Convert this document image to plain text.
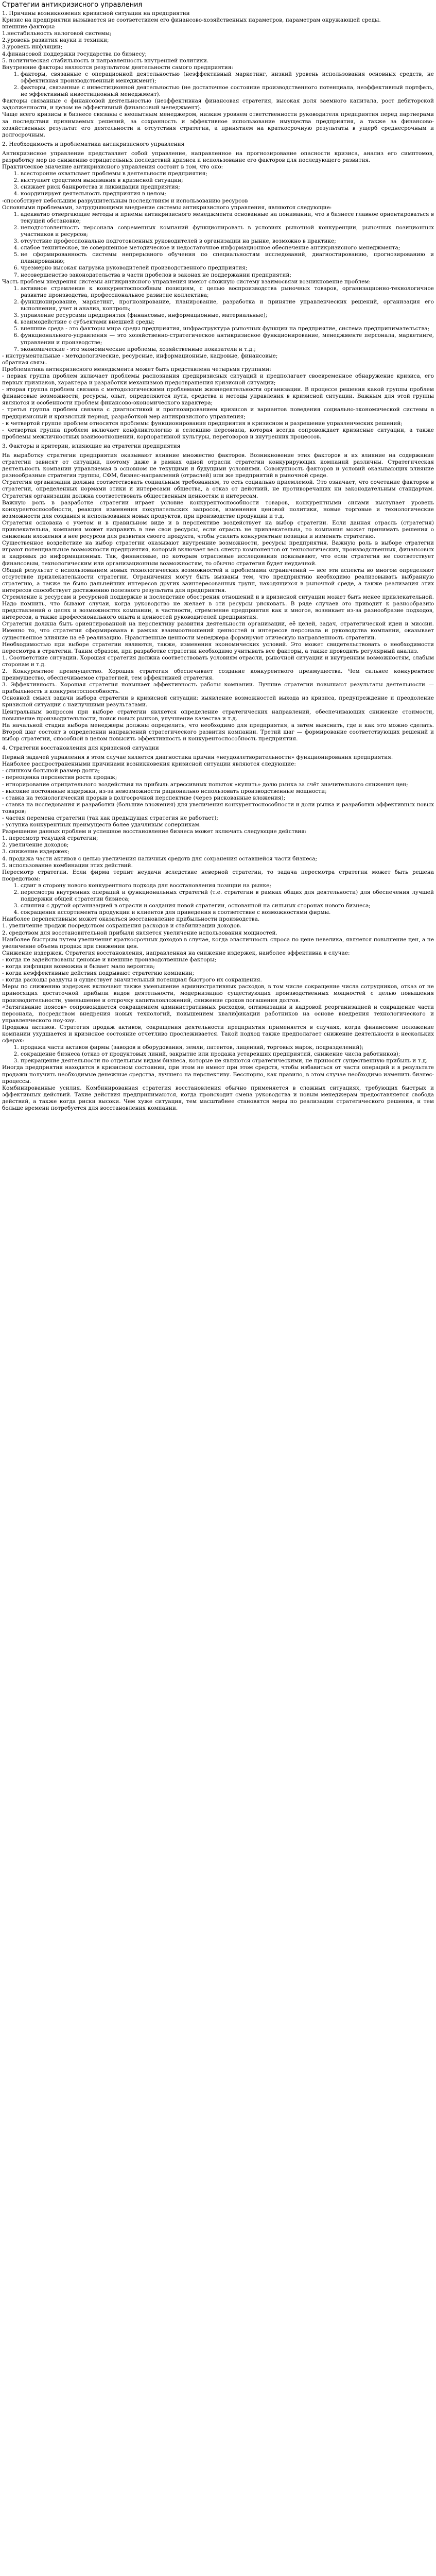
Стратегии антикризисного управления

1. Причины возникновения кризисной ситуации на предприятии

Кризис на предприятии вызывается не соответствием его финансово-хозяйственных параметров, параметрам окружающей среды.

внешние факторы:

1.нестабильность налоговой системы;

2.уровень развития науки и техники;

3.уровень инфляции;

4.финансовой поддержки государства по бизнесу;

5. политическая стабильность и направленность внутренней политики.

Внутренние факторы являются результатом деятельности самого предприятия:

1. факторы, связанные с операционной деятельностью (неэффективный маркетинг, низкий уровень использования основных средств, не эффективная производственный менеджмент);
2. факторы, связанные с инвестиционной деятельностью (не достаточное состояние производственного потенциала, неэффективный портфель, не эффективный инвестиционный менеджмент).

Факторы связанные с финансовой деятельностью (неэффективная финансовая стратегия, высокая доля заемного капитала, рост дебиторской задолженности, и целом не эффективный финансовый менеджмент).

Чаще всего кризисы в бизнесе связаны с неопытным менеджером, низким уровнем ответственности руководителя предприятия перед партнерами за последствия принимаемых решений, за сохранность и эффективное использование имущества предприятия, а также за финансово-хозяйственных результат его деятельности и отсутствия стратегии, а принятием на краткосрочную результаты в ущерб среднесрочным и долгосрочным.

2. Необходимость и проблематика антикризисного управления

Антикризисное управление представляет собой управление, направленное на прогнозирование опасности кризиса, анализ его симптомов, разработку мер по снижению отрицательных последствий кризиса и использование его факторов для последующего развития.

Практическое значение антикризисного управления состоит в том, что оно:

1. всесторонне охватывает проблемы в деятельности предприятия;
2. выступает средством выживания в кризисной ситуации;
3. снижает риск банкротства и ликвидации предприятия;
4. координирует деятельность предприятия в целом;

-способствует небольшим разрушительным последствиям и использованию ресурсов

Основными проблемами, затрудняющими внедрение системы антикризисного управления, являются следующие:

1. адекватно отвергающие методы и приемы антикризисного менеджмента основанные на понимании, что в бизнесе главное ориентироваться в текущей обстановке;
2. неподготовленность персонала современных компаний функционировать в условиях рыночной конкуренции, рыночных позиционных участников и ресурсов;
3. отсутствие профессионально подготовленных руководителей в организации на рынке, возможно в практике;
4. слабое техническое, не совершенное методическое и недостаточное информационное обеспечение антикризисного менеджмента;
5. не сформированность системы непрерывного обучения по специальностям исследований, диагностированию, прогнозированию и планированию;
6. чрезмерно высокая нагрузка руководителей производственного предприятия;
7. несовершенство законодательства в части пробелов в законах не поддержании предприятий;

Часть проблем внедрения системы антикризисного управления имеют сложную систему взаимосвязи возникновение проблем:

1. активное стремление к конкурентоспособным позициям, с целью воспроизводства рыночных товаров, организационно-технологичное развитие производства, профессиональное развитие коллектива;
2. функционирование, маркетинг, прогнозирование, планирование, разработка и принятие управленческих решений, организация его выполнения, учет и анализ, контроль;
3. управление ресурсами предприятия (финансовые, информационные, материальные);
4. взаимодействие с субъектами внешней среды;
5. внешние среда - это факторы мира среды предприятия, инфраструктура рыночных функции на предприятие, система предпринимательства;
6. функционального-управления — это хозяйственно-стратегическое антикризисное функционирование, менеджменте персонала, маркетинге, управлении и производстве;
7. экономические - это экономические проблемы, хозяйственные показатели и т.д.;

- инструментальные - методологические, ресурсные, информационные, кадровые, финансовые;

обратная связь.

Проблематика антикризисного менеджмента может быть представлена четырьмя группами:

- первая группа проблем включает проблемы распознания предкризисных ситуаций и предполагает своевременное обнаружение кризиса, его первых признаков, характера и разработки механизмов предотвращения кризисной ситуации;

- вторая группа проблем связана с методологическими проблемами жизнедеятельности организации. В процессе решения какой группы проблем финансовые возможности, ресурсы, опыт, определяются пути, средства и методы управления в кризисной ситуации. Важным для этой группы являются и особенности проблем финансово-экономического характера;

- третья группа проблем связана с диагностикой и прогнозированием кризисов и вариантов поведения социально-экономической системы в предкризисный и кризисный период, разработкой мер антикризисного управления;

- к четвертой группе проблем относятся проблемы функционирования предприятия в кризисном и разрешение управленческих решений;

- четвертая группа проблем включает конфликтологию и селекцию персонала, которая всегда сопровождает кризисные ситуации, а также проблемы межличностных взаимоотношений, корпоративной культуры, переговоров и внутренних процессов.

3. Факторы и критерии, влияющие на стратегии предприятия

На выработку стратегии предприятия оказывают влияние множество факторов. Возникновение этих факторов и их влияние на содержание стратегии зависят от ситуации, поэтому даже в рамках одной отрасли стратегии конкурирующих компаний различны. Стратегическая деятельность компании управляемая в основном не текущими и будущими условиями. Совокупность факторов и условий оказывающих влияние разнообразные стратегии группы, СФМ, бизнес-направлений (отраслей) или же предприятий в рыночной среде.

Стратегия организации должна соответствовать социальным требованиям, то есть социально приемлемой. Это означает, что сочетание факторов в стратегии, определенных нормами этики и интересами общества, а отказ от действий, не противоречащих ни законодательным стандартам. Стратегия организации должна соответствовать общественным ценностям и интересам.

Важную роль в разработке стратегии играет условие конкурентоспособности товаров, конкурентными силами выступает уровень конкурентоспособности, реакция изменения покупательских запросов, изменения ценовой политики, новые торговые и технологические возможности для создания и использования новых продуктов, при производстве продукции и т.д.

Стратегия основана с учетом и в правильном виде и в перспективе воздействует на выбор стратегии. Если данная отрасль (стратегия) привлекательна, компания может направить в нее свои ресурсы, если отрасль не привлекательна, то компания может принимать решения о снижении вложения в нее ресурсов для развития своего продукта, чтобы усилить конкурентные позиции и изменить стратегию.

Существенное воздействие на выбор стратегии оказывают внутренние возможности, ресурсы предприятия. Важную роль в выборе стратегии играют потенциальные возможности предприятия, который включает весь спектр компонентов от технологических, производственных, финансовых и кадровых до информационных. Так, финансовые, по которым отраслевые исследования показывают, что если стратегия не соответствует финансовым, технологическим или организационным возможностям, то обычно стратегия будет неудачной.

Общий результат с использованием новых технологических возможностей и проблемами ограничений — все эти аспекты во многом определяют отсутствие привлекательности стратегии. Ограничения могут быть вызваны тем, что предприятию необходимо реализовывать выбранную стратегию, а также не было дальнейших интересов других заинтересованных групп, находящихся в рыночной среде, а также реализация этих интересов способствует достижению полезного результата для предприятия.

Стремление к ресурсам и ресурсной поддержке и последствие обострения отношений и в кризисной ситуации может быть менее привлекательной. Надо помнить, что бывают случаи, когда руководство не желает в эти ресурсы рисковать. В ряде случаев это приводит к разнообразию представлений о целях и возможностях компании, в частности, стремление предприятия как и многое, возникает из-за разнообразие подходов, интересов, а также профессионального опыта и ценностей руководителей предприятия.

Стратегия должна быть ориентированной на перспективу развития деятельности организации, её целей, задач, стратегической идеи и миссии. Именно то, что стратегия сформирована в рамках взаимоотношений ценностей и интересов персонала и руководства компании, оказывает существенное влияние на её реализацию. Нравственные ценности менеджера формируют этическую направленность стратегии.

Необходимостью при выборе стратегии являются, также, изменения экономических условий. Это может свидетельствовать о необходимости пересмотра в стратегии. Таким образом, при разработке стратегии необходимо учитывать все факторы, а также проводить регулярный анализ.

1. Соответствие ситуации. Хорошая стратегия должна соответствовать условиям отрасли, рыночной ситуации и внутренним возможностям, слабым сторонам и т.д.

2. Конкурентное преимущество. Хорошая стратегия обеспечивает создание конкурентного преимущества. Чем сильнее конкурентное преимущество, обеспечиваемое стратегией, тем эффективней стратегия.

3. Эффективность. Хорошая стратегия повышает эффективность работы компании. Лучшие стратегии повышают результаты деятельности — прибыльность и конкурентоспособность.

Основной смысл задачи выбора стратегии в кризисной ситуации: выявление возможностей выхода из кризиса, предупреждение и преодоление кризисной ситуации с наилучшими результатами.

Центральным вопросом при выборе стратегии является определение стратегических направлений, обеспечивающих снижение стоимости, повышение производительности, поиск новых рынков, улучшение качества и т.д.

На начальной стадии выбора менеджеры должны определить, что необходимо для предприятия, а затем выяснить, где и как это можно сделать. Второй шаг состоит в определении направлений стратегического развития компании. Третий шаг — формирование соответствующих решений и выбор стратегии, способной в целом повысить эффективность и конкурентоспособность предприятия.

4. Стратегии восстановления для кризисной ситуации

Первый задачей управления в этом случае является диагностика причин «неудовлетворительности» функционирования предприятия.

Наиболее распространенными причинами возникновения кризисной ситуации являются следующие:

- слишком большой размер долга;

- переоценка перспектив роста продаж;

- игнорирование отрицательного воздействия на прибыль агрессивных попыток «купить» долю рынка за счёт значительного снижения цен;

- высокие постоянные издержки, из-за невозможности рационально использовать производственные мощности;

- ставка на технологический прорыв в долгосрочной перспективе (через рискованные вложения);

- ставка на исследования и разработки (большие вложения) для увеличения конкурентоспособности и доли рынка и разработки эффективных новых товаров;

- частая перемена стратегии (так как предыдущая стратегия не работает);

- уступка конкурентных преимуществ более удачливым соперникам.

Разрешение данных проблем и успешное восстановление бизнеса может включать следующие действия:

1. пересмотр текущей стратегии;

2. увеличение доходов;

3. снижение издержек;

4. продажа части активов с целью увеличения наличных средств для сохранения оставшейся части бизнеса;

5. использование комбинации этих действий.

Пересмотр стратегии. Если фирма терпит неудачи вследствие неверной стратегии, то задача пересмотра стратегии может быть решена посредством:

1. сдвиг в сторону нового конкурентного подхода для восстановления позиции на рынке;
2. пересмотра внутренних операций и функциональных стратегий (т.е. стратегии в рамках общих для деятельности) для обеспечения лучшей поддержки общей стратегии бизнеса;
3. слияния с другой организацией в отрасли и создания новой стратегии, основанной на сильных сторонах нового бизнеса;
4. сокращения ассортимента продукции и клиентов для приведения в соответствие с возможностями фирмы.

Наиболее перспективным может оказаться восстановление прибыльности производства.

1. увеличение продаж посредством сокращения расходов и стабилизации доходов.

2. средством для восстановительной прибыли является увеличение использования мощностей.

Наиболее быстрым путем увеличения краткосрочных доходов в случае, когда эластичность спроса по цене невелика, является повышение цен, а не увеличение объема продаж при снижении цен.

Снижение издержек. Стратегия восстановления, направленная на снижение издержек, наиболее эффективна в случае:

- когда не задействованы ценовые и внешние производственные факторы;

- когда инфляция возможна и бывает мало вероятна;

- когда неэффективные действия подрывают стратегию компании;

- когда расходы раздуты и существует значительный потенциал быстрого их сокращения.

Меры по снижению издержек включают также уменьшение административных расходов, в том числе сокращение числа сотрудников, отказ от не приносящих достаточной прибыли видов деятельности, модернизацию существующих производственных мощностей с целью повышения производительности, уменьшение и отсрочку капиталовложений, снижение сроков погашения долгов.

«Затягивание поясов» сопровождается сокращением административных расходов, оптимизации и кадровой реорганизацией и сокращение части персонала, посредством внедрения новых технологий, повышением квалификации работников на основе внедрения технологического и управленческого ноу-хау.

Продажа активов. Стратегия продаж активов, сокращения деятельности предприятия применяется в случаях, когда финансовое положение компании ухудшается и кризисное состояние отчетливо прослеживается. Такой подход также предполагает снижение деятельности в нескольких сферах:

1. продажа части активов фирмы (заводов и оборудования, земли, патентов, лицензий, торговых марок, подразделений);
2. сокращение бизнеса (отказ от продуктовых линий, закрытие или продажа устаревших предприятий, снижение числа работников);
3. прекращение деятельности по отдельным видам бизнеса, которые не являются стратегическими, не приносят существенную прибыль и т.д.

Иногда предприятия находятся в кризисном состоянии, при этом не имеют при этом средств, чтобы избавиться от части операций и в результате продажи получить необходимые денежные средства, лучшего на перспективу. Бесспорно, как правило, в этом случае необходимо изменить бизнес-процессы.

Комбинированные усилия. Комбинированная стратегия восстановления обычно применяется в сложных ситуациях, требующих быстрых и эффективных действий. Такие действия предпринимаются, когда происходит смена руководства и новым менеджерам предоставляется свобода действий, а также когда риски высоки. Чем хуже ситуация, тем масштабнее становятся меры по реализации стратегического решения, и тем больше времени потребуется для восстановления компании.
